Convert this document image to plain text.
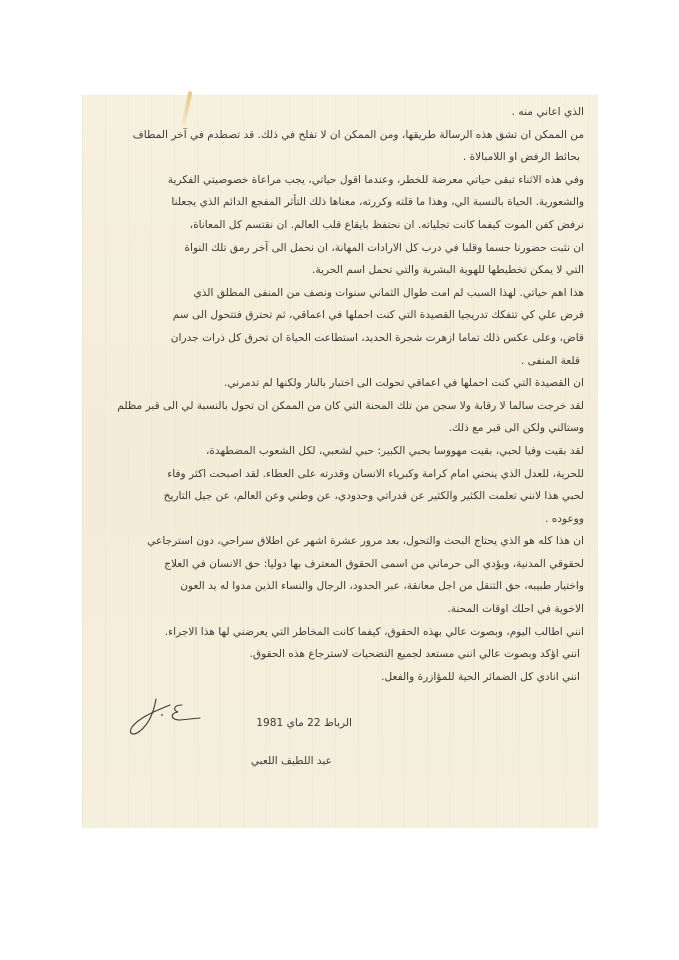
الذي اعاني منه .
من الممكن ان تشق هذه الرسالة طريقها، ومن الممكن ان لا تفلح في ذلك. قد تصطدم في آخر المطاف
بحائط الرفض او اللامبالاة .
وفي هذه الاثناء تبقى حياتي معرضة للخطر، وعندما اقول حياتي، يجب مراعاة خصوصيتي الفكرية
والشعورية. الحياة بالنسبة الي، وهذا ما قلته وكررته، معناها ذلك التأثر المفجع الدائم الذي يجعلنا
نرفض كفن الموت كيفما كانت تجلياته. ان نحتفظ بايقاع قلب العالم. ان نقتسم كل المعاناة،
ان نثبت حضورنا جسما وقلبا في درب كل الارادات المهانة، ان نحمل الى آخر رمق تلك النواة
التي لا يمكن تخطيطها للهوية البشرية والتي تحمل اسم الحرية.
هذا اهم حياتي. لهذا السبب لم امت طوال الثماني سنوات ونصف من المنفى المطلق الذي
فرض علي كي تتفكك تدريجيا القصيدة التي كنت احملها في اعماقي، ثم تحترق فتتحول الى سم
قاض، وعلى عكس ذلك تماما ازهرت شجرة الحديد، استطاعت الحياة ان تحرق كل ذرات جدران
قلعة المنفى .
ان القصيدة التي كنت احملها في اعماقي تحولت الى اختبار بالنار ولكنها لم تدمرني.
لقد خرجت سالما لا رقابة ولا سجن من تلك المحنة التي كان من الممكن ان تحول بالنسبة لي الى قبر مظلم
وستالني ولكن الى قبر مع ذلك.
لقد بقيت وفيا لحبي، بقيت مهووسا بحبي الكبير: حبي لشعبي، لكل الشعوب المضطهدة،
للحرية، للعدل الذي ينحني امام كرامة وكبرياء الانسان وقدرته على العطاء. لقد اصبحت اكثر وفاء
لحبي هذا لانني تعلمت الكثير والكثير عن قدراتي وحدودي، عن وطني وعن العالم، عن جيل التاريخ
ووعوده .
ان هذا كله هو الذي يحتاج البحث والتحول، بعد مرور عشرة اشهر عن اطلاق سراحي، دون استرجاعي
لحقوقي المدنية، ويؤدي الى حرماني من اسمى الحقوق المعترف بها دوليا: حق الانسان في العلاج
واختيار طبيبه، حق التنقل من اجل معانقة، عبر الحدود، الرجال والنساء الذين مدوا له يد العون
الاخوية في احلك اوقات المحنة.
انني اطالب اليوم، وبصوت عالي بهذه الحقوق، كيفما كانت المخاطر التي يعرضني لها هذا الاجراء.
انني اؤكد وبصوت عالي انني مستعد لجميع التضحيات لاسترجاع هذه الحقوق.
انني انادي كل الضمائر الحية للمؤازرة والفعل.
الرباط 22 ماي 1981
عبد اللطيف اللعبي
